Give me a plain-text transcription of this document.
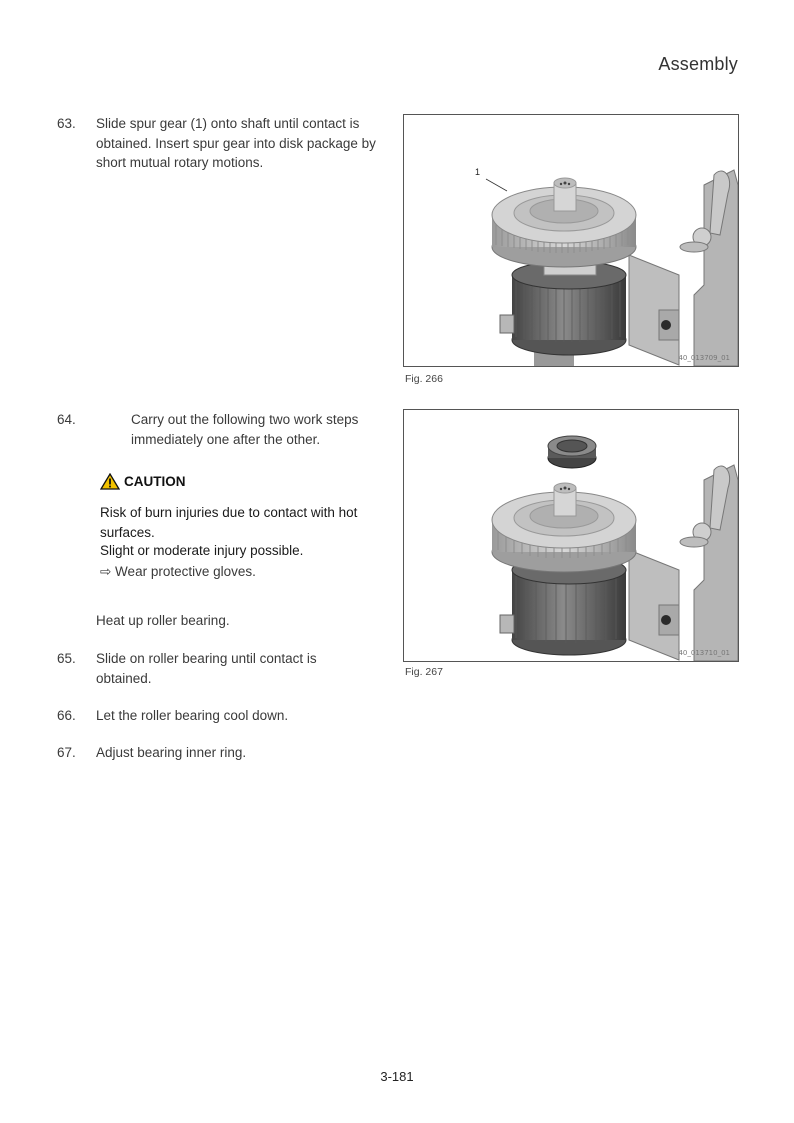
Assembly
63. Slide spur gear (1) onto shaft until contact is obtained. Insert spur gear into disk package by short mutual rotary motions.
64.	Carry out the following two work steps immediately one after the other.
CAUTION
Risk of burn injuries due to contact with hot surfaces.
Slight or moderate injury possible.
⇨ Wear protective gloves.
Heat up roller bearing.
65. Slide on roller bearing until contact is obtained.
66. Let the roller bearing cool down.
67. Adjust bearing inner ring.
1
40_013709_01
Fig. 266
40_013710_01
Fig. 267
3-181
